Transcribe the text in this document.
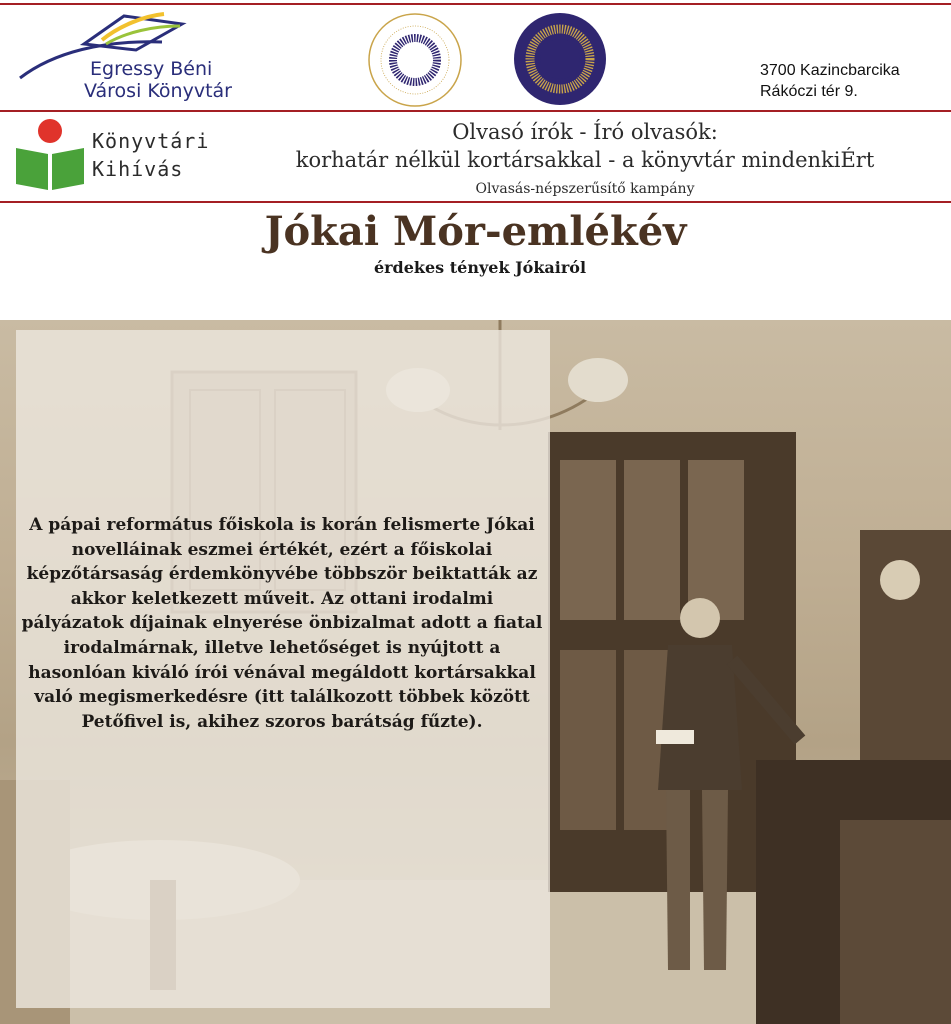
Egressy Béni
Városi Könyvtár
3700 Kazincbarcika
Rákóczi tér 9.
Könyvtári
Kihívás
Olvasó írók - Író olvasók:
korhatár nélkül kortársakkal - a könyvtár mindenkiÉrt
Olvasás-népszerűsítő kampány
Jókai Mór-emlékév
érdekes tények Jókairól
A pápai református főiskola is korán felismerte Jókai novelláinak eszmei értékét, ezért a főiskolai képzőtársaság érdemkönyvébe többször beiktatták az akkor keletkezett műveit. Az ottani irodalmi pályázatok díjainak elnyerése önbizalmat adott a fiatal irodalmárnak, illetve lehetőséget is nyújtott a hasonlóan kiváló írói vénával megáldott kortársakkal való megismerkedésre (itt találkozott többek között Petőfivel is, akihez szoros barátság fűzte).
